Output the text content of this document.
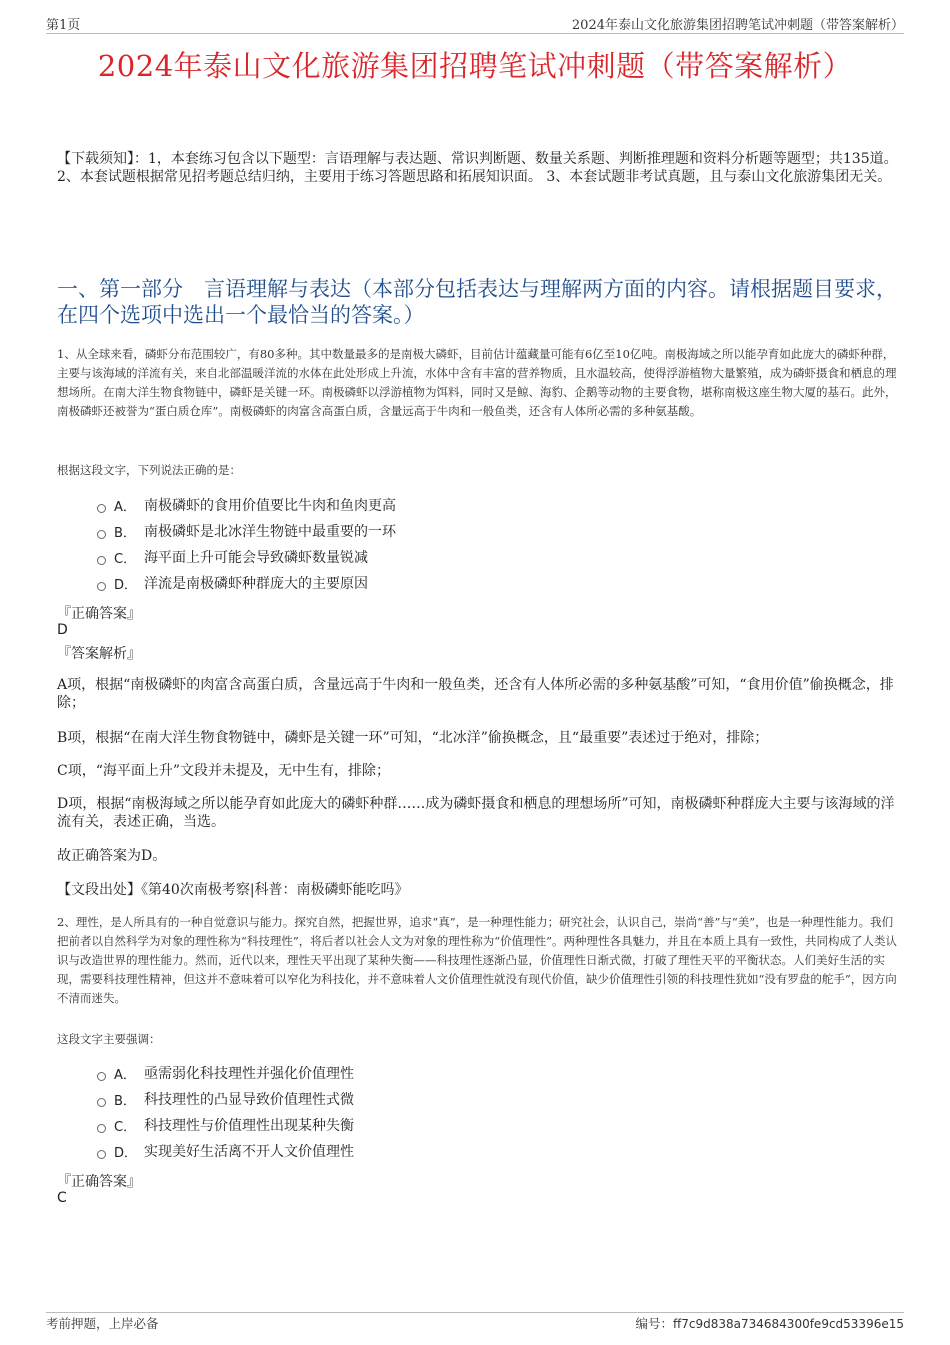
第1页	2024年泰山文化旅游集团招聘笔试冲刺题（带答案解析）
2024年泰山文化旅游集团招聘笔试冲刺题（带答案解析）
【下载须知】：1，本套练习包含以下题型：言语理解与表达题、常识判断题、数量关系题、判断推理题和资料分析题等题型；共135道。 2、本套试题根据常见招考题总结归纳，主要用于练习答题思路和拓展知识面。 3、本套试题非考试真题，且与泰山文化旅游集团无关。
一、第一部分　言语理解与表达（本部分包括表达与理解两方面的内容。请根据题目要求，在四个选项中选出一个最恰当的答案。）
1、从全球来看，磷虾分布范围较广，有80多种。其中数量最多的是南极大磷虾，目前估计蕴藏量可能有6亿至10亿吨。南极海域之所以能孕育如此庞大的磷虾种群，主要与该海域的洋流有关，来自北部温暖洋流的水体在此处形成上升流，水体中含有丰富的营养物质，且水温较高，使得浮游植物大量繁殖，成为磷虾摄食和栖息的理想场所。在南大洋生物食物链中，磷虾是关键一环。南极磷虾以浮游植物为饵料，同时又是鲸、海豹、企鹅等动物的主要食物，堪称南极这座生物大厦的基石。此外，南极磷虾还被誉为“蛋白质仓库”。南极磷虾的肉富含高蛋白质，含量远高于牛肉和一般鱼类，还含有人体所必需的多种氨基酸。
根据这段文字，下列说法正确的是：
A． 南极磷虾的食用价值要比牛肉和鱼肉更高
B． 南极磷虾是北冰洋生物链中最重要的一环
C． 海平面上升可能会导致磷虾数量锐减
D． 洋流是南极磷虾种群庞大的主要原因
『正确答案』
D
『答案解析』
A项，根据“南极磷虾的肉富含高蛋白质，含量远高于牛肉和一般鱼类，还含有人体所必需的多种氨基酸”可知，“食用价值”偷换概念，排除；
B项，根据“在南大洋生物食物链中，磷虾是关键一环”可知，“北冰洋”偷换概念，且“最重要”表述过于绝对，排除；
C项，“海平面上升”文段并未提及，无中生有，排除；
D项，根据“南极海域之所以能孕育如此庞大的磷虾种群……成为磷虾摄食和栖息的理想场所”可知，南极磷虾种群庞大主要与该海域的洋流有关，表述正确，当选。
故正确答案为D。
【文段出处】《第40次南极考察|科普：南极磷虾能吃吗》
2、理性，是人所具有的一种自觉意识与能力。探究自然，把握世界，追求“真”，是一种理性能力；研究社会，认识自己，崇尚“善”与“美”，也是一种理性能力。我们把前者以自然科学为对象的理性称为“科技理性”，将后者以社会人文为对象的理性称为“价值理性”。两种理性各具魅力，并且在本质上具有一致性，共同构成了人类认识与改造世界的理性能力。然而，近代以来，理性天平出现了某种失衡——科技理性逐渐凸显，价值理性日渐式微，打破了理性天平的平衡状态。人们美好生活的实现，需要科技理性精神，但这并不意味着可以窄化为科技化，并不意味着人文价值理性就没有现代价值，缺少价值理性引领的科技理性犹如“没有罗盘的舵手”，因方向不清而迷失。
这段文字主要强调：
A． 亟需弱化科技理性并强化价值理性
B． 科技理性的凸显导致价值理性式微
C． 科技理性与价值理性出现某种失衡
D． 实现美好生活离不开人文价值理性
『正确答案』
C
考前押题，上岸必备	编号：ff7c9d838a734684300fe9cd53396e15
